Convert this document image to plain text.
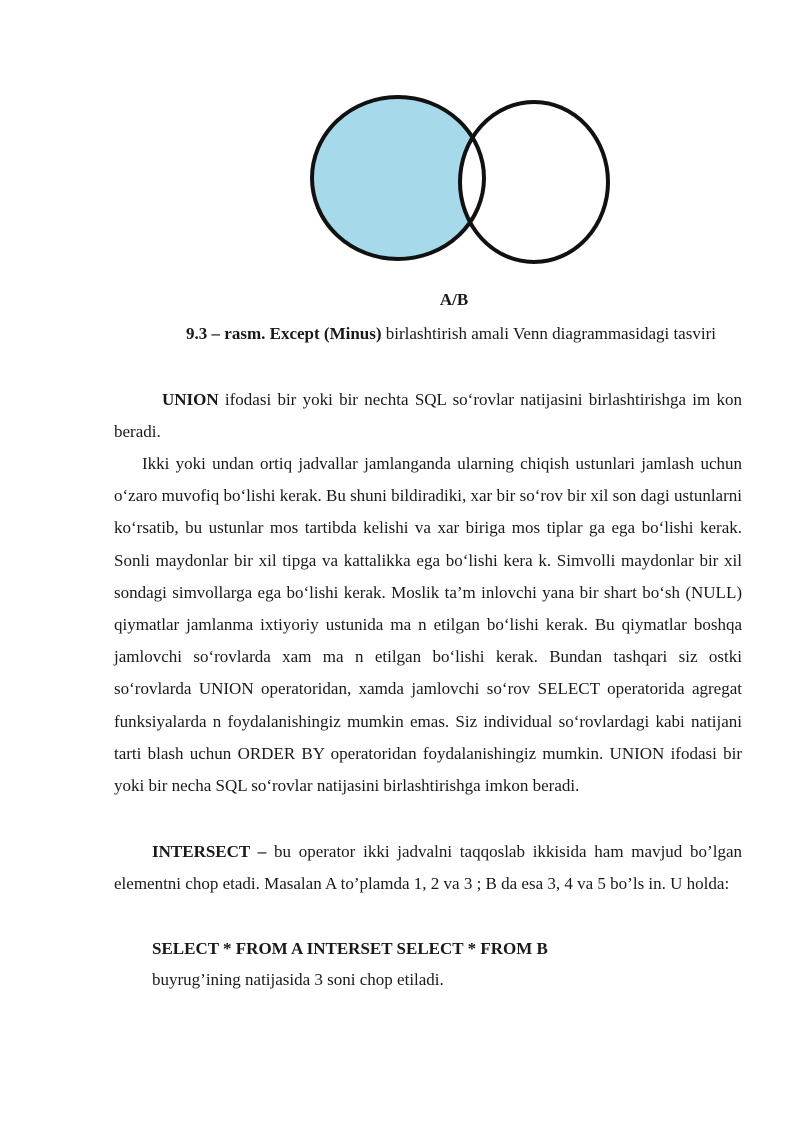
A/B
9.3 – rasm. Except (Minus) birlashtirish amali Venn diagrammasidagi tasviri
UNION ifodasi bir yoki bir nechta SQL so‘rovlar natijasini birlashtirishga im kon beradi.
Ikki yoki undan ortiq jadvallar jamlanganda ularning chiqish ustunlari jamlash uchun o‘zaro muvofiq bo‘lishi kerak. Bu shuni bildiradiki, xar bir so‘rov bir xil son dagi ustunlarni ko‘rsatib, bu ustunlar mos tartibda kelishi va xar biriga mos tiplar ga ega bo‘lishi kerak. Sonli maydonlar bir xil tipga va kattalikka ega bo‘lishi kera k. Simvolli maydonlar bir xil sondagi simvollarga ega bo‘lishi kerak. Moslik ta’m inlovchi yana bir shart bo‘sh (NULL) qiymatlar jamlanma ixtiyoriy ustunida ma n etilgan bo‘lishi kerak. Bu qiymatlar boshqa jamlovchi so‘rovlarda xam ma n etilgan bo‘lishi kerak. Bundan tashqari siz ostki so‘rovlarda UNION operatoridan, xamda jamlovchi so‘rov SELECT operatorida agregat funksiyalarda n foydalanishingiz mumkin emas. Siz individual so‘rovlardagi kabi natijani tarti blash uchun ORDER BY operatoridan foydalanishingiz mumkin. UNION ifodasi bir yoki bir necha SQL so‘rovlar natijasini birlashtirishga imkon beradi.
INTERSECT – bu operator ikki jadvalni taqqoslab ikkisida ham mavjud bo’lgan elementni chop etadi. Masalan A to’plamda 1, 2 va 3 ; B da esa 3, 4 va 5 bo’ls in. U holda:
SELECT * FROM A INTERSET SELECT * FROM B
buyrug’ining natijasida 3 soni chop etiladi.
